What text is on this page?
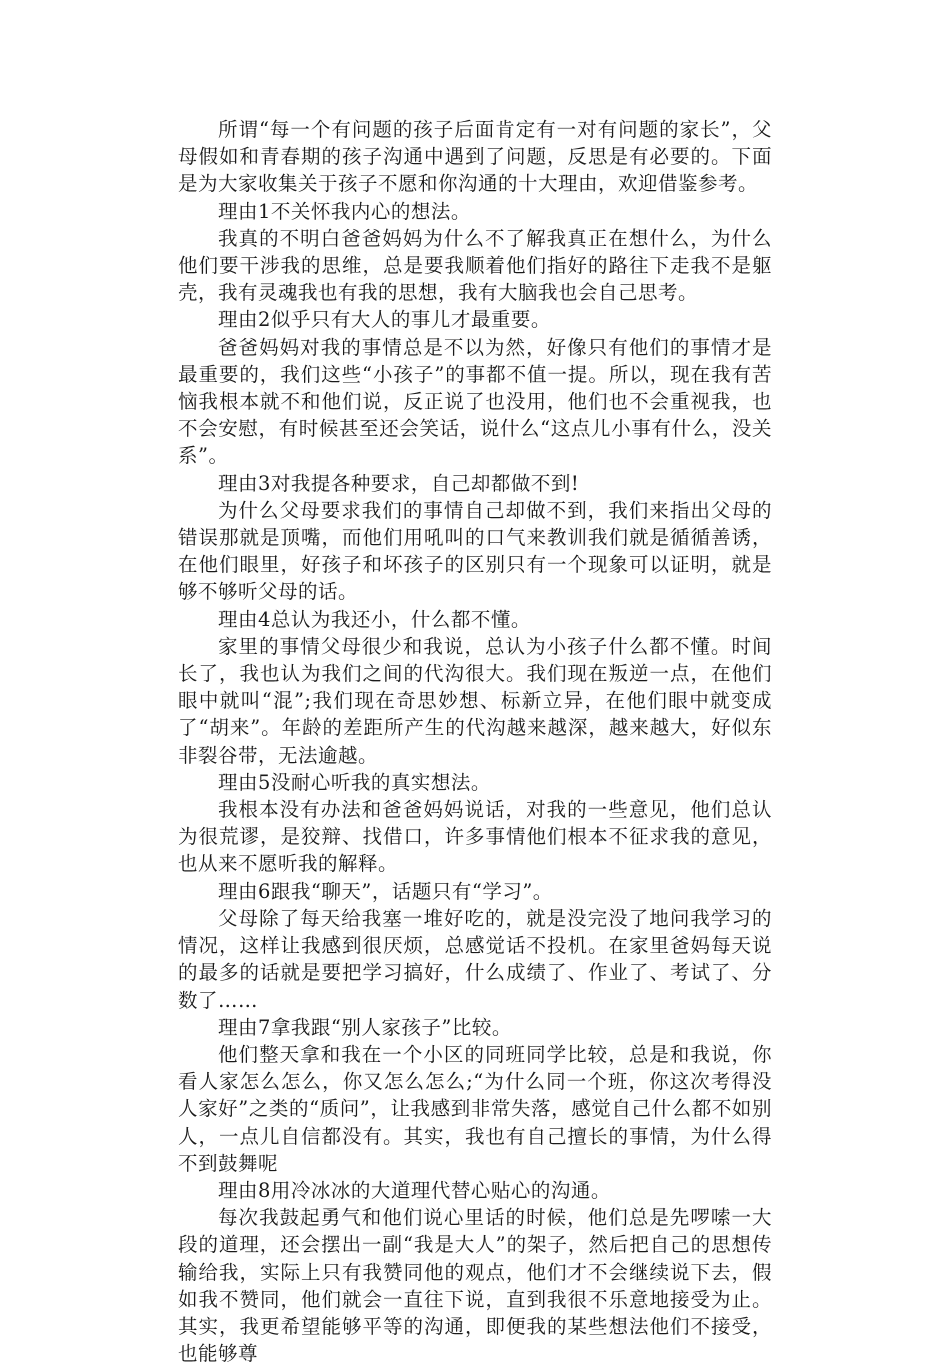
所谓“每一个有问题的孩子后面肯定有一对有问题的家长”，父母假如和青春期的孩子沟通中遇到了问题，反思是有必要的。下面是为大家收集关于孩子不愿和你沟通的十大理由，欢迎借鉴参考。

理由1不关怀我内心的想法。

我真的不明白爸爸妈妈为什么不了解我真正在想什么，为什么他们要干涉我的思维，总是要我顺着他们指好的路往下走我不是躯壳，我有灵魂我也有我的思想，我有大脑我也会自己思考。

理由2似乎只有大人的事儿才最重要。

爸爸妈妈对我的事情总是不以为然，好像只有他们的事情才是最重要的，我们这些“小孩子”的事都不值一提。所以，现在我有苦恼我根本就不和他们说，反正说了也没用，他们也不会重视我，也不会安慰，有时候甚至还会笑话，说什么“这点儿小事有什么，没关系”。

理由3对我提各种要求，自己却都做不到!

为什么父母要求我们的事情自己却做不到，我们来指出父母的错误那就是顶嘴，而他们用吼叫的口气来教训我们就是循循善诱，在他们眼里，好孩子和坏孩子的区别只有一个现象可以证明，就是够不够听父母的话。

理由4总认为我还小，什么都不懂。

家里的事情父母很少和我说，总认为小孩子什么都不懂。时间长了，我也认为我们之间的代沟很大。我们现在叛逆一点，在他们眼中就叫“混”;我们现在奇思妙想、标新立异，在他们眼中就变成了“胡来”。年龄的差距所产生的代沟越来越深，越来越大，好似东非裂谷带，无法逾越。

理由5没耐心听我的真实想法。

我根本没有办法和爸爸妈妈说话，对我的一些意见，他们总认为很荒谬，是狡辩、找借口，许多事情他们根本不征求我的意见，也从来不愿听我的解释。

理由6跟我“聊天”，话题只有“学习”。

父母除了每天给我塞一堆好吃的，就是没完没了地问我学习的情况，这样让我感到很厌烦，总感觉话不投机。在家里爸妈每天说的最多的话就是要把学习搞好，什么成绩了、作业了、考试了、分数了……

理由7拿我跟“别人家孩子”比较。

他们整天拿和我在一个小区的同班同学比较，总是和我说，你看人家怎么怎么，你又怎么怎么;“为什么同一个班，你这次考得没人家好”之类的“质问”，让我感到非常失落，感觉自己什么都不如别人，一点儿自信都没有。其实，我也有自己擅长的事情，为什么得不到鼓舞呢

理由8用冷冰冰的大道理代替心贴心的沟通。

每次我鼓起勇气和他们说心里话的时候，他们总是先啰嗦一大段的道理，还会摆出一副“我是大人”的架子，然后把自己的思想传输给我，实际上只有我赞同他的观点，他们才不会继续说下去，假如我不赞同，他们就会一直往下说，直到我很不乐意地接受为止。其实，我更希望能够平等的沟通，即便我的某些想法他们不接受，也能够尊
